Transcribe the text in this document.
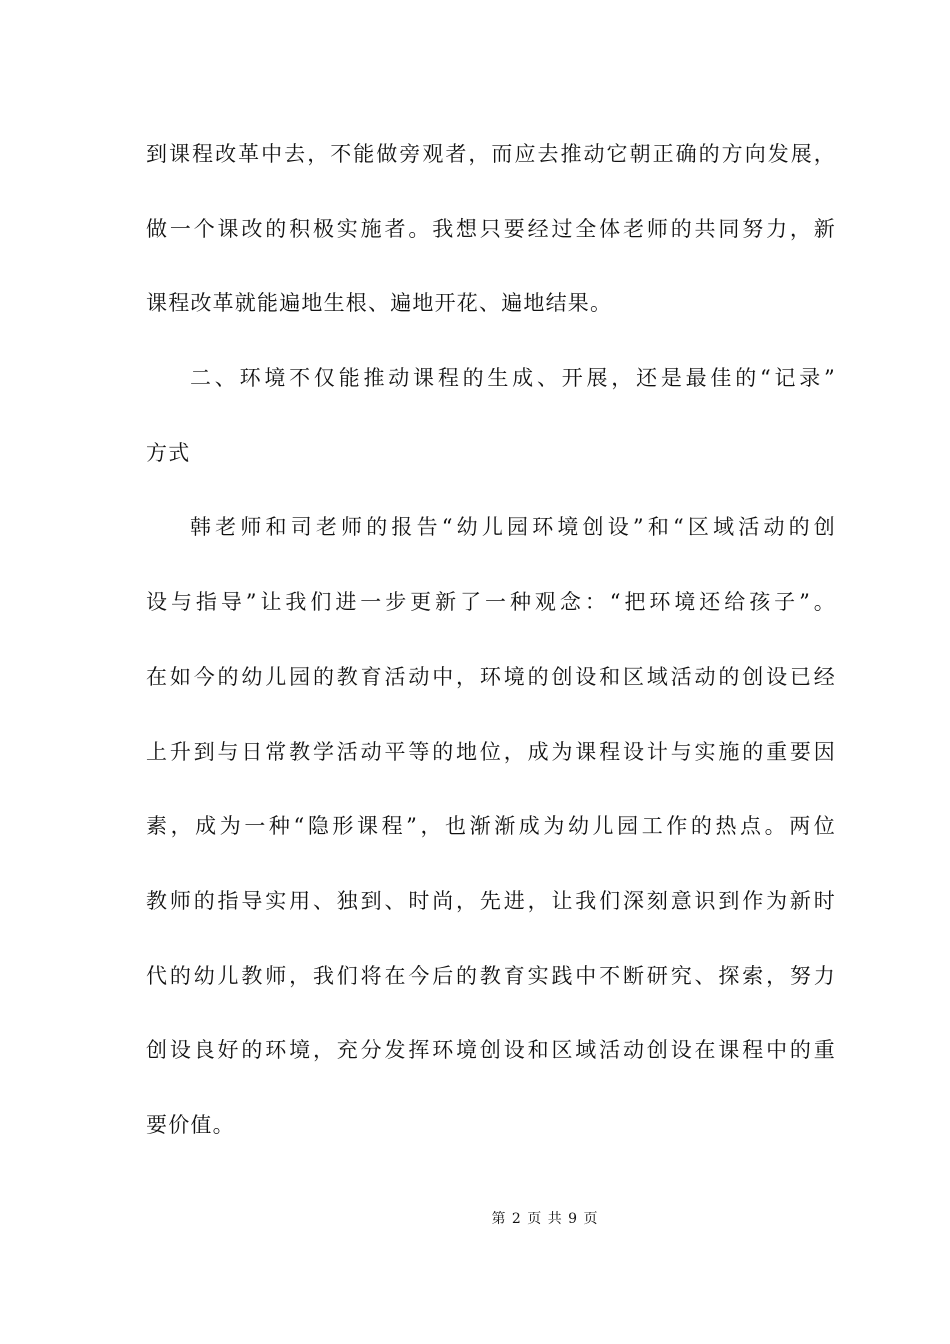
到课程改革中去，不能做旁观者，而应去推动它朝正确的方向发展，
做一个课改的积极实施者。我想只要经过全体老师的共同努力，新
课程改革就能遍地生根、遍地开花、遍地结果。
二、环境不仅能推动课程的生成、开展，还是最佳的“记录”
方式
韩老师和司老师的报告“幼儿园环境创设”和“区域活动的创
设与指导”让我们进一步更新了一种观念：“把环境还给孩子”。
在如今的幼儿园的教育活动中，环境的创设和区域活动的创设已经
上升到与日常教学活动平等的地位，成为课程设计与实施的重要因
素，成为一种“隐形课程”，也渐渐成为幼儿园工作的热点。两位
教师的指导实用、独到、时尚，先进，让我们深刻意识到作为新时
代的幼儿教师，我们将在今后的教育实践中不断研究、探索，努力
创设良好的环境，充分发挥环境创设和区域活动创设在课程中的重
要价值。
第 2 页 共 9 页
